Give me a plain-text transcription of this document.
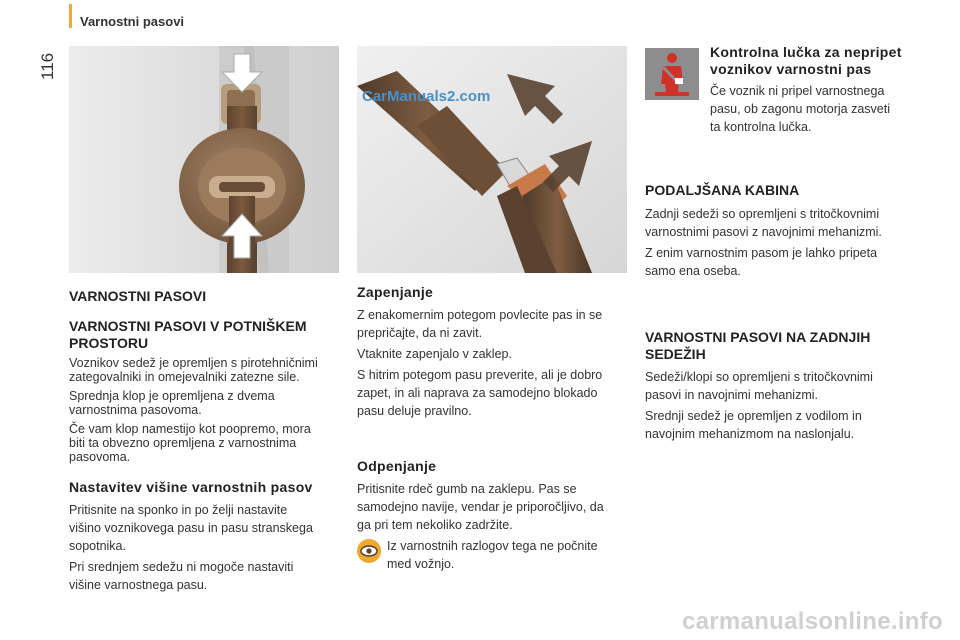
Varnostni pasovi
116
CarManuals2.com
VARNOSTNI PASOVI
VARNOSTNI PASOVI V POTNIŠKEM
PROSTORU

Voznikov sedež je opremljen s pirotehničnimi

zategovalniki in omejevalniki zatezne sile.

Sprednja klop je opremljena z dvema

varnostnima pasovoma.

Če vam klop namestijo kot poopremo, mora

biti ta obvezno opremljena z varnostnima

pasovoma.

Nastavitev višine varnostnih pasov

Pritisnite na sponko in po želji nastavite

višino voznikovega pasu in pasu stranskega

sopotnika.

Pri srednjem sedežu ni mogoče nastaviti

višine varnostnega pasu.

Zapenjanje

Z enakomernim potegom povlecite pas in se

prepričajte, da ni zavit.

Vtaknite zapenjalo v zaklep.

S hitrim potegom pasu preverite, ali je dobro

zapet, in ali naprava za samodejno blokado

pasu deluje pravilno.

Odpenjanje

Pritisnite rdeč gumb na zaklepu. Pas se

samodejno navije, vendar je priporočljivo, da

ga pri tem nekoliko zadržite.

Iz varnostnih razlogov tega ne počnite

med vožnjo.

Kontrolna lučka za nepripet
voznikov varnostni pas

Če voznik ni pripel varnostnega

pasu, ob zagonu motorja zasveti

ta kontrolna lučka.

PODALJŠANA KABINA

Zadnji sedeži so opremljeni s tritočkovnimi

varnostnimi pasovi z navojnimi mehanizmi.

Z enim varnostnim pasom je lahko pripeta

samo ena oseba.

VARNOSTNI PASOVI NA ZADNJIH
SEDEŽIH

Sedeži/klopi so opremljeni s tritočkovnimi

pasovi in navojnimi mehanizmi.

Srednji sedež je opremljen z vodilom in

navojnim mehanizmom na naslonjalu.

carmanualsonline.info
